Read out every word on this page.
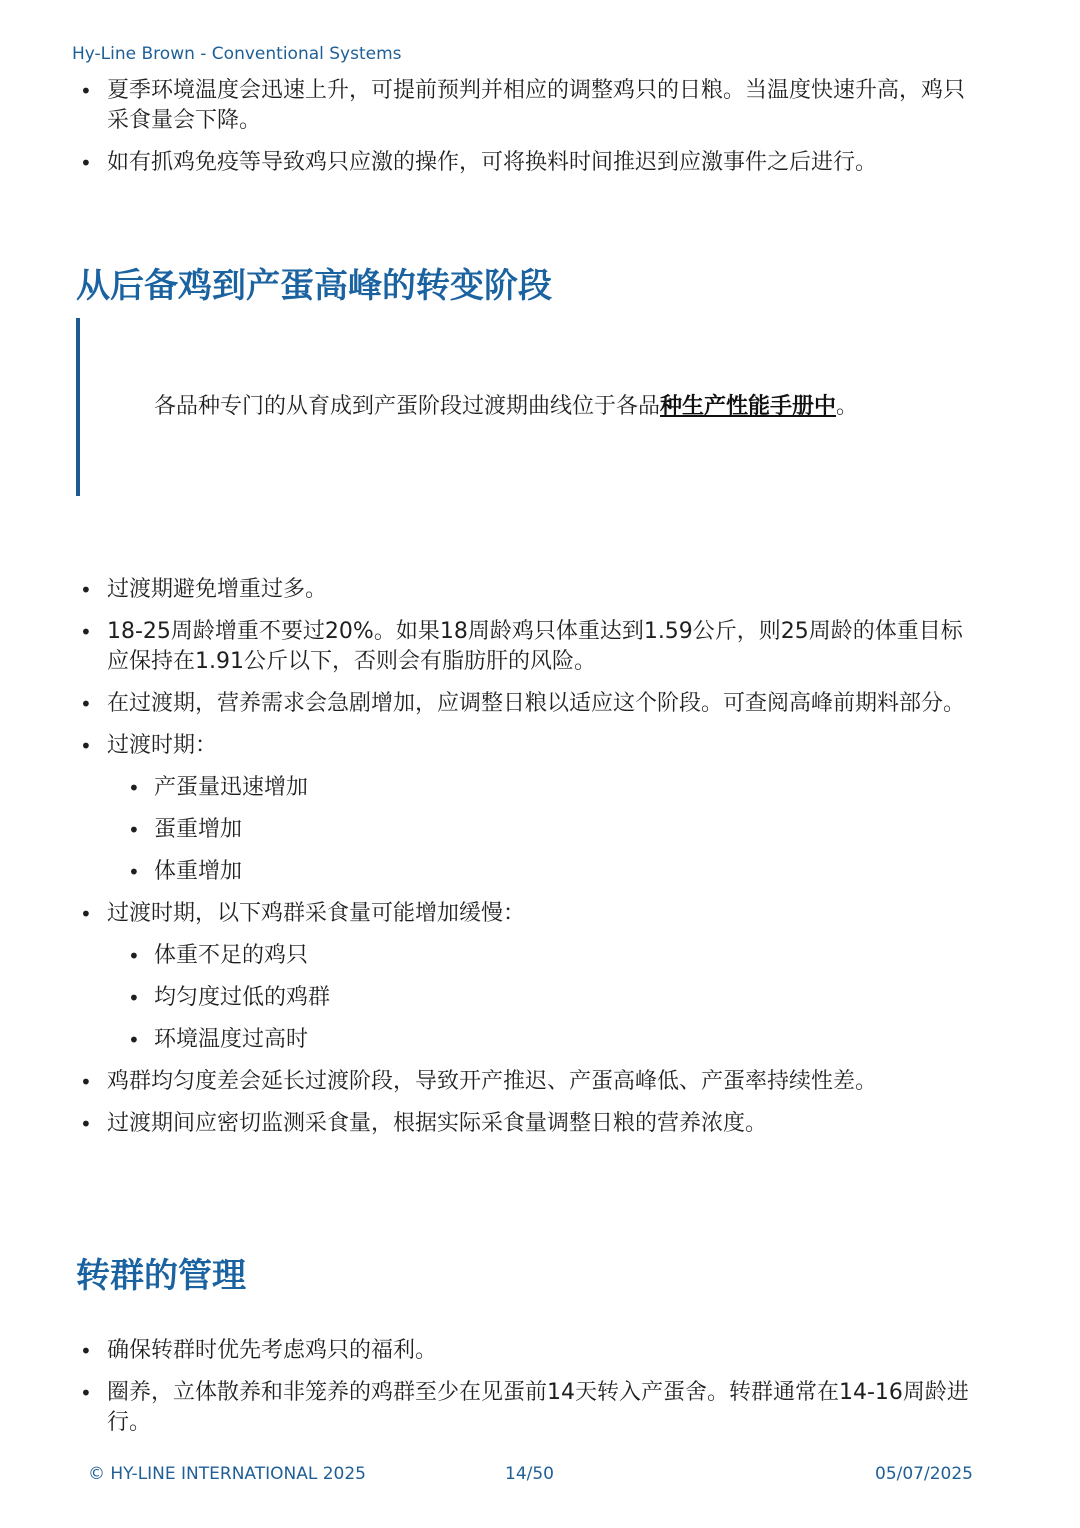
Hy-Line Brown - Conventional Systems
• 夏季环境温度会迅速上升，可提前预判并相应的调整鸡只的日粮。当温度快速升高，鸡只采食量会下降。
• 如有抓鸡免疫等导致鸡只应激的操作，可将换料时间推迟到应激事件之后进行。
从后备鸡到产蛋高峰的转变阶段
各品种专门的从育成到产蛋阶段过渡期曲线位于各品种生产性能手册中。
• 过渡期避免增重过多。
• 18-25周龄增重不要过20%。如果18周龄鸡只体重达到1.59公斤，则25周龄的体重目标应保持在1.91公斤以下，否则会有脂肪肝的风险。
• 在过渡期，营养需求会急剧增加，应调整日粮以适应这个阶段。可查阅高峰前期料部分。
• 过渡时期：
• 产蛋量迅速增加
• 蛋重增加
• 体重增加
• 过渡时期，以下鸡群采食量可能增加缓慢：
• 体重不足的鸡只
• 均匀度过低的鸡群
• 环境温度过高时
• 鸡群均匀度差会延长过渡阶段，导致开产推迟、产蛋高峰低、产蛋率持续性差。
• 过渡期间应密切监测采食量，根据实际采食量调整日粮的营养浓度。
转群的管理
• 确保转群时优先考虑鸡只的福利。
• 圈养，立体散养和非笼养的鸡群至少在见蛋前14天转入产蛋舍。转群通常在14-16周龄进行。
© HY-LINE INTERNATIONAL 2025	14/50	05/07/2025
